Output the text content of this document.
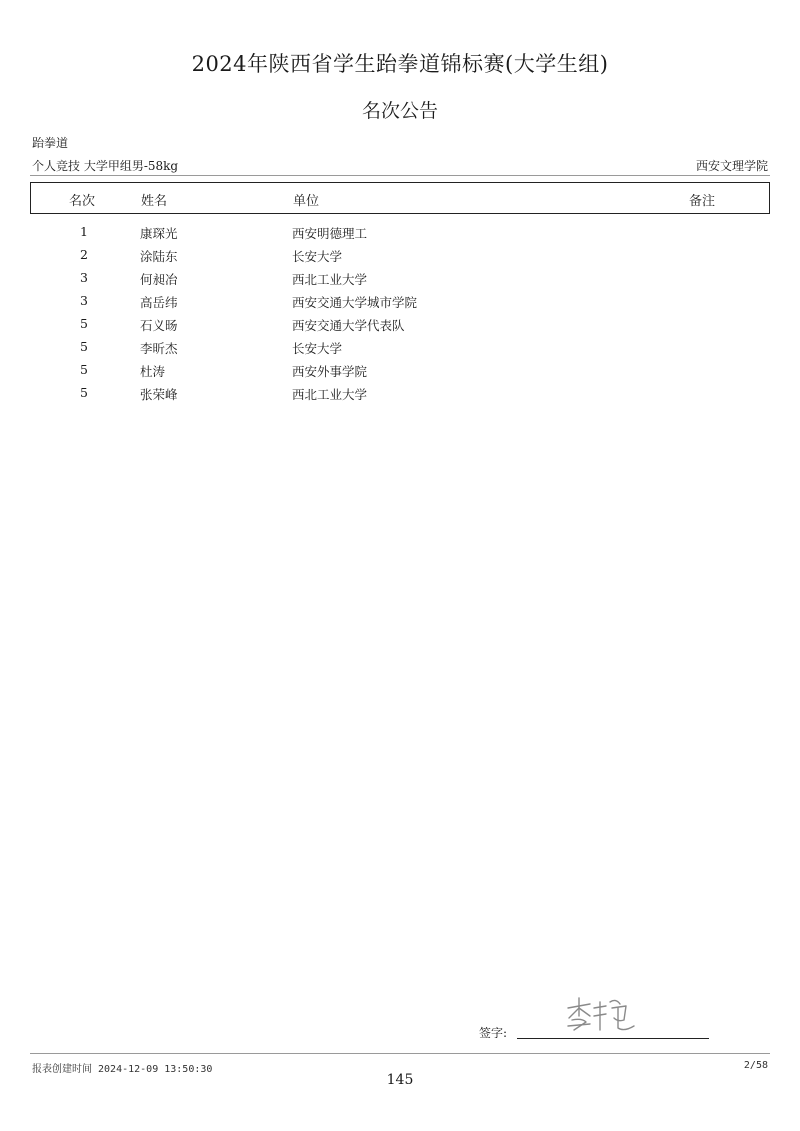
2024年陕西省学生跆拳道锦标赛(大学生组)
名次公告
跆拳道
个人竞技 大学甲组男-58kg	西安文理学院
名次	姓名	单位	备注
1	康琛光	西安明德理工
2	涂陆东	长安大学
3	何昶冶	西北工业大学
3	高岳纬	西安交通大学城市学院
5	石义旸	西安交通大学代表队
5	李昕杰	长安大学
5	杜涛	西安外事学院
5	张荣峰	西北工业大学
签字:
报表创建时间 2024-12-09 13:50:30	2/58
145
